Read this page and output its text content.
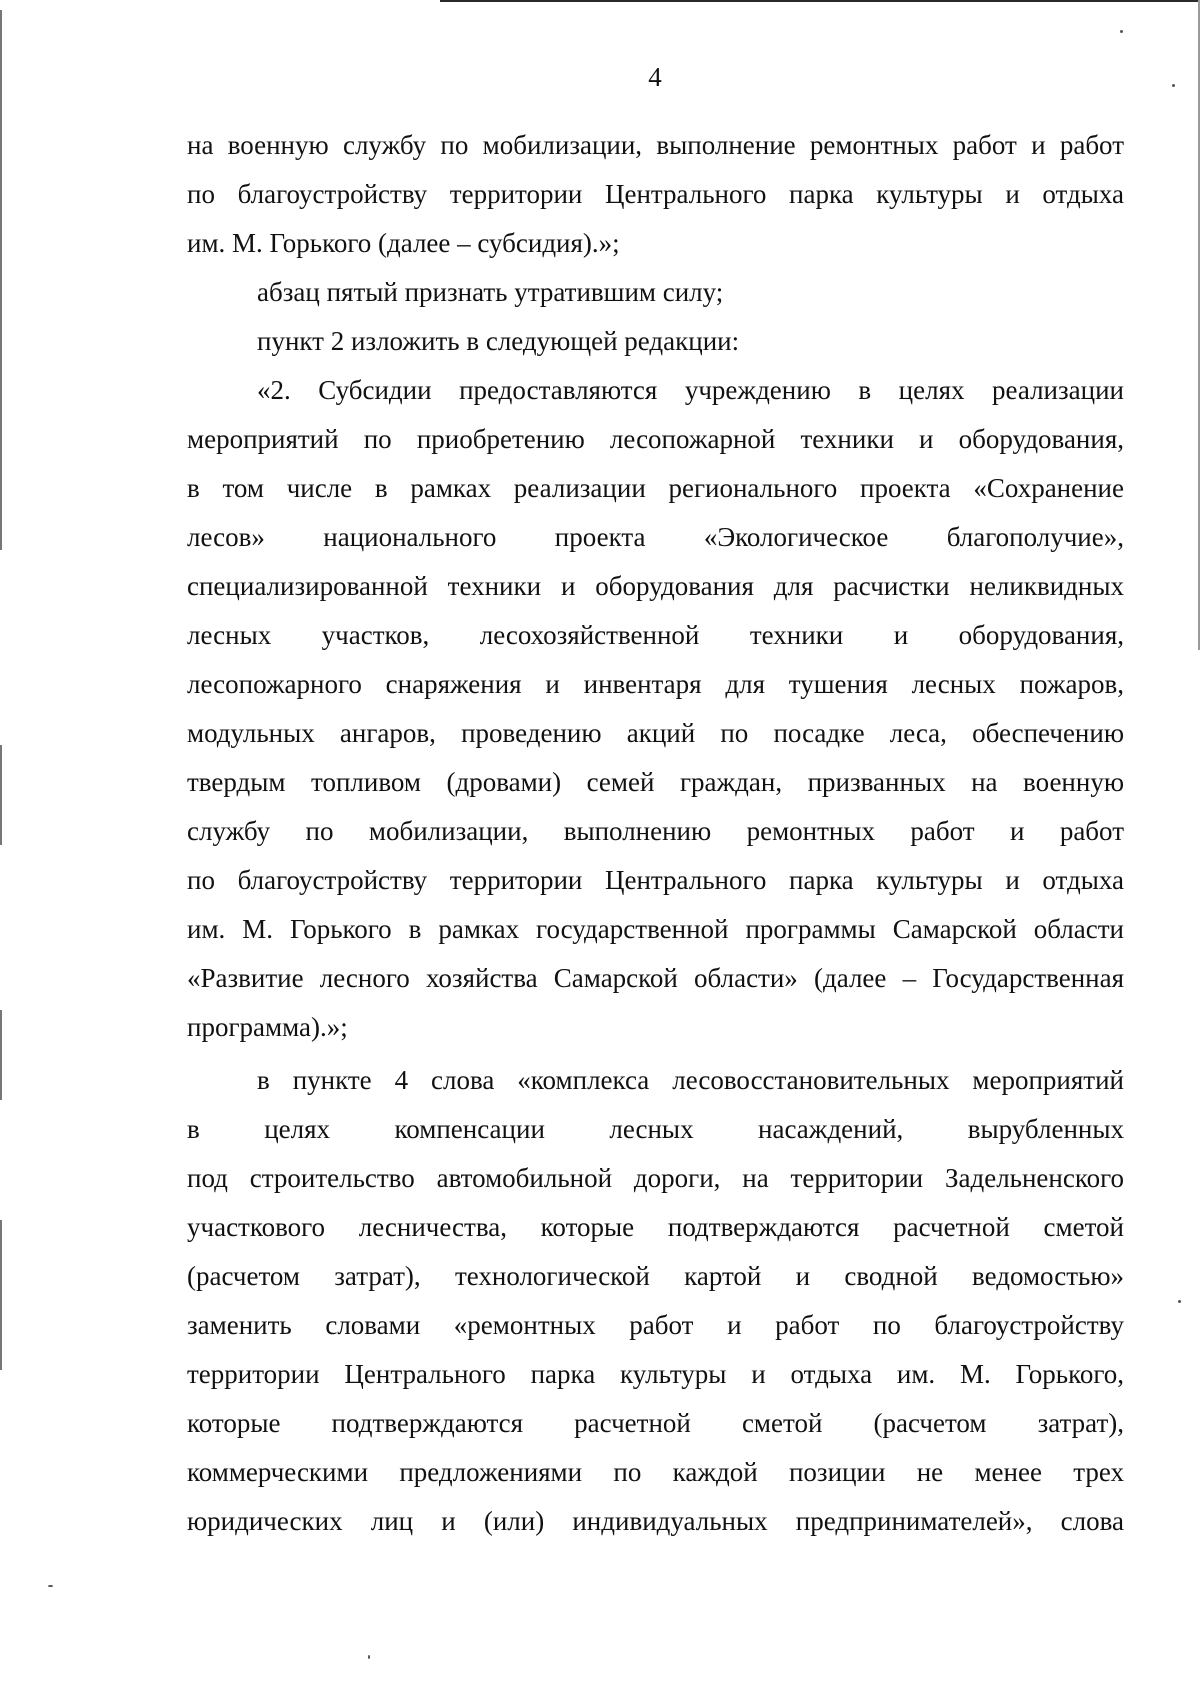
4
на военную службу по мобилизации, выполнение ремонтных работ и работ
по благоустройству территории Центрального парка культуры и отдыха
им. М. Горького (далее – субсидия).»;
абзац пятый признать утратившим силу;
пункт 2 изложить в следующей редакции:
«2. Субсидии предоставляются учреждению в целях реализации
мероприятий по приобретению лесопожарной техники и оборудования,
в том числе в рамках реализации регионального проекта «Сохранение
лесов» национального проекта «Экологическое благополучие»,
специализированной техники и оборудования для расчистки неликвидных
лесных участков, лесохозяйственной техники и оборудования,
лесопожарного снаряжения и инвентаря для тушения лесных пожаров,
модульных ангаров, проведению акций по посадке леса, обеспечению
твердым топливом (дровами) семей граждан, призванных на военную
службу по мобилизации, выполнению ремонтных работ и работ
по благоустройству территории Центрального парка культуры и отдыха
им. М. Горького в рамках государственной программы Самарской области
«Развитие лесного хозяйства Самарской области» (далее – Государственная
программа).»;
в пункте 4 слова «комплекса лесовосстановительных мероприятий
в целях компенсации лесных насаждений, вырубленных
под строительство автомобильной дороги, на территории Задельненского
участкового лесничества, которые подтверждаются расчетной сметой
(расчетом затрат), технологической картой и сводной ведомостью»
заменить словами «ремонтных работ и работ по благоустройству
территории Центрального парка культуры и отдыха им. М. Горького,
которые подтверждаются расчетной сметой (расчетом затрат),
коммерческими предложениями по каждой позиции не менее трех
юридических лиц и (или) индивидуальных предпринимателей», слова
